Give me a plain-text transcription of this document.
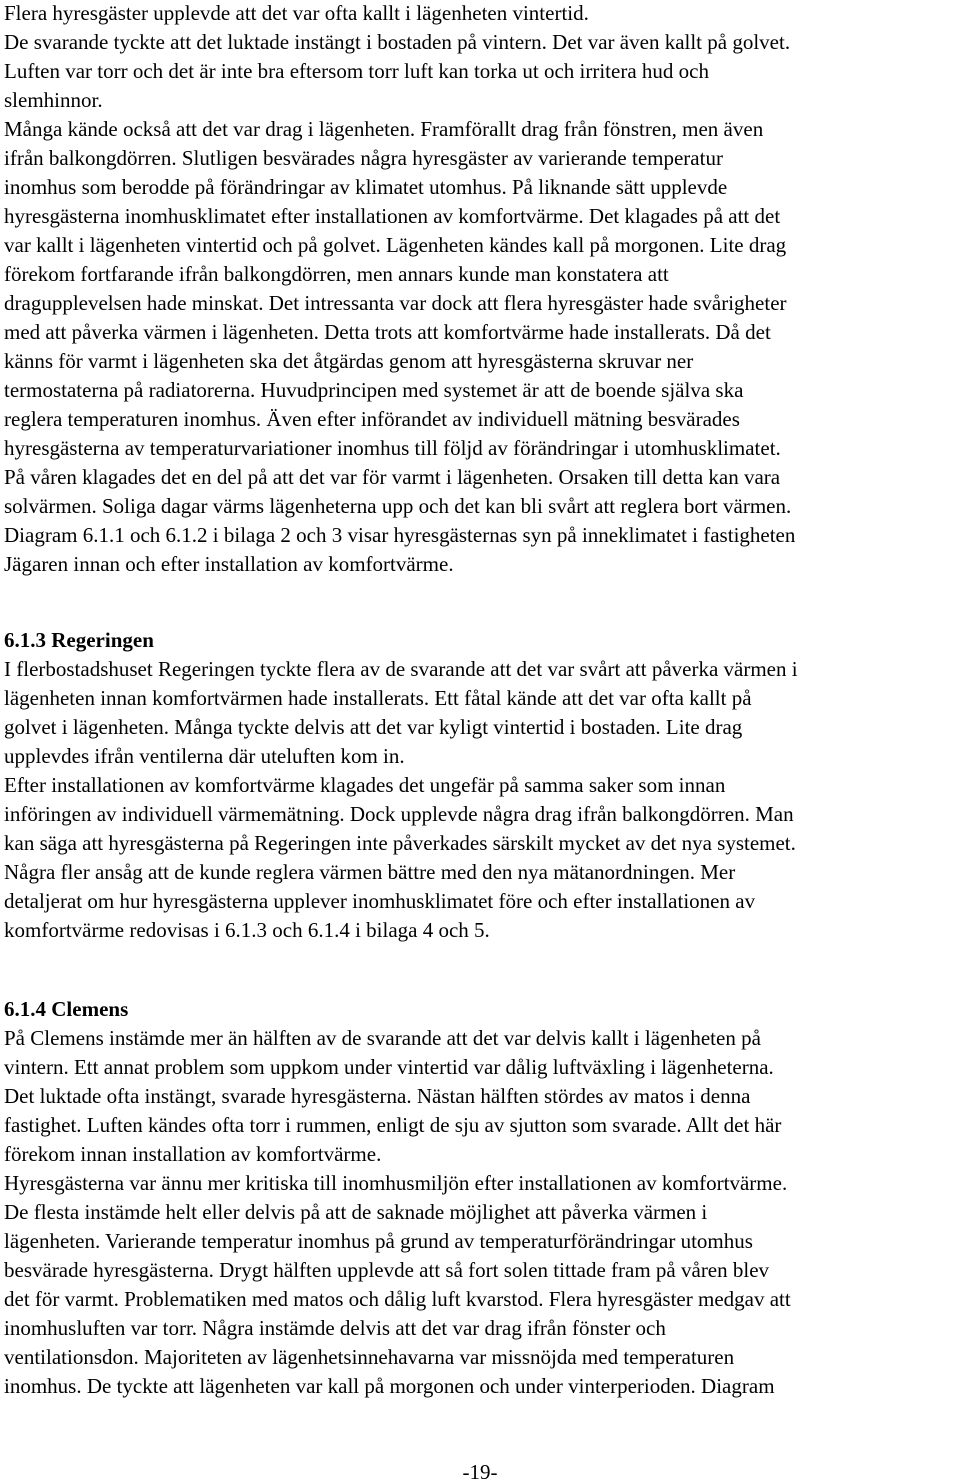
Flera hyresgäster upplevde att det var ofta kallt i lägenheten vintertid.
De svarande tyckte att det luktade instängt i bostaden på vintern. Det var även kallt på golvet.
Luften var torr och det är inte bra eftersom torr luft kan torka ut och irritera hud och
slemhinnor.
Många kände också att det var drag i lägenheten. Framförallt drag från fönstren, men även
ifrån balkongdörren. Slutligen besvärades några hyresgäster av varierande temperatur
inomhus som berodde på förändringar av klimatet utomhus. På liknande sätt upplevde
hyresgästerna inomhusklimatet efter installationen av komfortvärme. Det klagades på att det
var kallt i lägenheten vintertid och på golvet. Lägenheten kändes kall på morgonen. Lite drag
förekom fortfarande ifrån balkongdörren, men annars kunde man konstatera att
dragupplevelsen hade minskat. Det intressanta var dock att flera hyresgäster hade svårigheter
med att påverka värmen i lägenheten. Detta trots att komfortvärme hade installerats. Då det
känns för varmt i lägenheten ska det åtgärdas genom att hyresgästerna skruvar ner
termostaterna på radiatorerna. Huvudprincipen med systemet är att de boende själva ska
reglera temperaturen inomhus. Även efter införandet av individuell mätning besvärades
hyresgästerna av temperaturvariationer inomhus till följd av förändringar i utomhusklimatet.
På våren klagades det en del på att det var för varmt i lägenheten. Orsaken till detta kan vara
solvärmen. Soliga dagar värms lägenheterna upp och det kan bli svårt att reglera bort värmen.
Diagram 6.1.1 och 6.1.2 i bilaga 2 och 3 visar hyresgästernas syn på inneklimatet i fastigheten
Jägaren innan och efter installation av komfortvärme.
6.1.3 Regeringen
I flerbostadshuset Regeringen tyckte flera av de svarande att det var svårt att påverka värmen i
lägenheten innan komfortvärmen hade installerats. Ett fåtal kände att det var ofta kallt på
golvet i lägenheten. Många tyckte delvis att det var kyligt vintertid i bostaden. Lite drag
upplevdes ifrån ventilerna där uteluften kom in.
Efter installationen av komfortvärme klagades det ungefär på samma saker som innan
införingen av individuell värmemätning. Dock upplevde några drag ifrån balkongdörren. Man
kan säga att hyresgästerna på Regeringen inte påverkades särskilt mycket av det nya systemet.
Några fler ansåg att de kunde reglera värmen bättre med den nya mätanordningen. Mer
detaljerat om hur hyresgästerna upplever inomhusklimatet före och efter installationen av
komfortvärme redovisas i 6.1.3 och 6.1.4 i bilaga 4 och 5.
6.1.4 Clemens
På Clemens instämde mer än hälften av de svarande att det var delvis kallt i lägenheten på
vintern. Ett annat problem som uppkom under vintertid var dålig luftväxling i lägenheterna.
Det luktade ofta instängt, svarade hyresgästerna. Nästan hälften stördes av matos i denna
fastighet. Luften kändes ofta torr i rummen, enligt de sju av sjutton som svarade. Allt det här
förekom innan installation av komfortvärme.
Hyresgästerna var ännu mer kritiska till inomhusmiljön efter installationen av komfortvärme.
De flesta instämde helt eller delvis på att de saknade möjlighet att påverka värmen i
lägenheten. Varierande temperatur inomhus på grund av temperaturförändringar utomhus
besvärade hyresgästerna. Drygt hälften upplevde att så fort solen tittade fram på våren blev
det för varmt. Problematiken med matos och dålig luft kvarstod. Flera hyresgäster medgav att
inomhusluften var torr. Några instämde delvis att det var drag ifrån fönster och
ventilationsdon. Majoriteten av lägenhetsinnehavarna var missnöjda med temperaturen
inomhus. De tyckte att lägenheten var kall på morgonen och under vinterperioden. Diagram
-19-
